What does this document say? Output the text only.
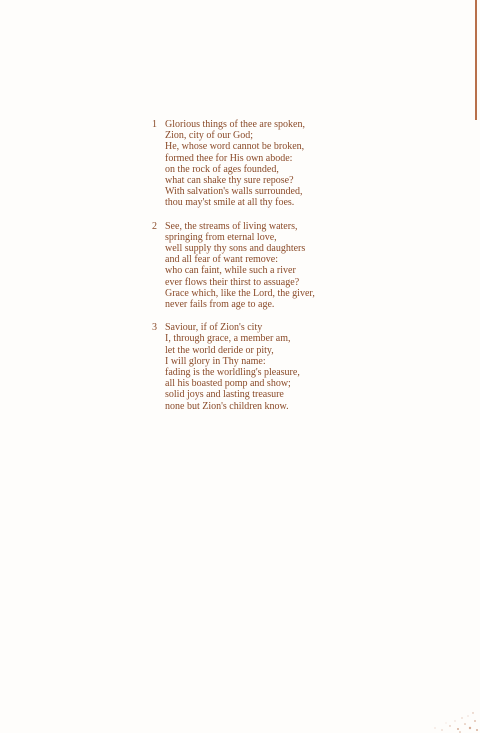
1 Glorious things of thee are spoken,
Zion, city of our God;
He, whose word cannot be broken,
formed thee for His own abode:
on the rock of ages founded,
what can shake thy sure repose?
With salvation's walls surrounded,
thou may'st smile at all thy foes.
2 See, the streams of living waters,
springing from eternal love,
well supply thy sons and daughters
and all fear of want remove:
who can faint, while such a river
ever flows their thirst to assuage?
Grace which, like the Lord, the giver,
never fails from age to age.
3 Saviour, if of Zion's city
I, through grace, a member am,
let the world deride or pity,
I will glory in Thy name:
fading is the worldling's pleasure,
all his boasted pomp and show;
solid joys and lasting treasure
none but Zion's children know.
